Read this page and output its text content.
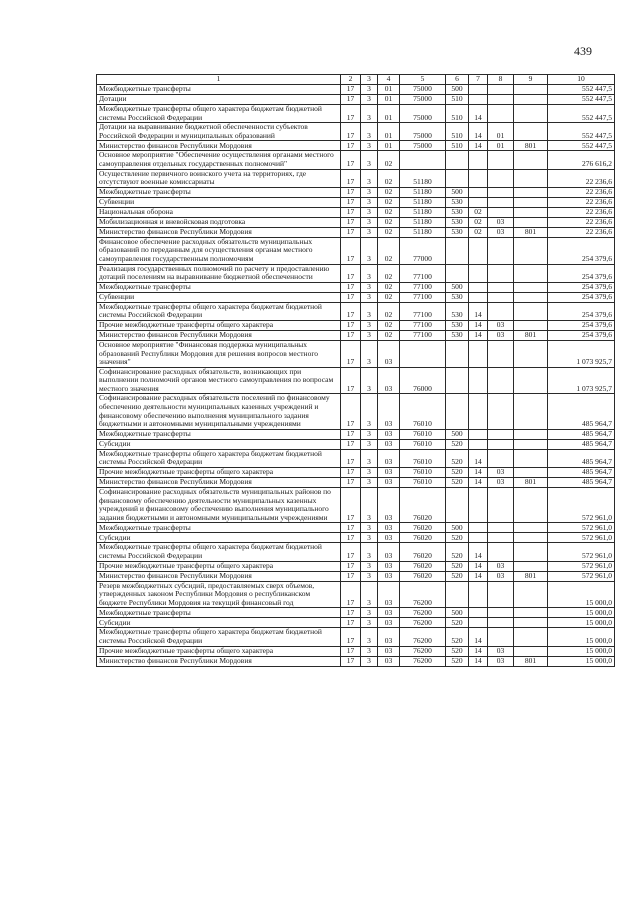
439
1	2	3	4	5	6	7	8	9	10
Межбюджетные трансферты	17	3	01	75000	500				552 447,5
Дотации	17	3	01	75000	510				552 447,5
Межбюджетные трансферты общего характера бюджетам бюджетной системы Российской Федерации	17	3	01	75000	510	14			552 447,5
Дотации на выравнивание бюджетной обеспеченности субъектов Российской Федерации и муниципальных образований	17	3	01	75000	510	14	01		552 447,5
Министерство финансов Республики Мордовия	17	3	01	75000	510	14	01	801	552 447,5
Основное мероприятие "Обеспечение осуществления органами местного самоуправления отдельных государственных полномочий"	17	3	02						276 616,2
Осуществление первичного воинского учета на территориях, где отсутствуют военные комиссариаты	17	3	02	51180					22 236,6
Межбюджетные трансферты	17	3	02	51180	500				22 236,6
Субвенции	17	3	02	51180	530				22 236,6
Национальная оборона	17	3	02	51180	530	02			22 236,6
Мобилизационная и вневойсковая подготовка	17	3	02	51180	530	02	03		22 236,6
Министерство финансов Республики Мордовия	17	3	02	51180	530	02	03	801	22 236,6
Финансовое обеспечение расходных обязательств муниципальных образований по переданным для осуществления органам местного самоуправления государственным полномочиям	17	3	02	77000					254 379,6
Реализация государственных полномочий по расчету и предоставлению дотаций поселениям на выравнивание бюджетной обеспеченности	17	3	02	77100					254 379,6
Межбюджетные трансферты	17	3	02	77100	500				254 379,6
Субвенции	17	3	02	77100	530				254 379,6
Межбюджетные трансферты общего характера бюджетам бюджетной системы Российской Федерации	17	3	02	77100	530	14			254 379,6
Прочие межбюджетные трансферты общего характера	17	3	02	77100	530	14	03		254 379,6
Министерство финансов Республики Мордовия	17	3	02	77100	530	14	03	801	254 379,6
Основное мероприятие "Финансовая поддержка муниципальных образований Республики Мордовия для решения вопросов местного значения"	17	3	03						1 073 925,7
Софинансирование расходных обязательств, возникающих при выполнении полномочий органов местного самоуправления по вопросам местного значения	17	3	03	76000					1 073 925,7
Софинансирование расходных обязательств поселений по финансовому обеспечению деятельности муниципальных казенных учреждений и финансовому обеспечению выполнения муниципального задания бюджетными и автономными муниципальными учреждениями	17	3	03	76010					485 964,7
Межбюджетные трансферты	17	3	03	76010	500				485 964,7
Субсидии	17	3	03	76010	520				485 964,7
Межбюджетные трансферты общего характера бюджетам бюджетной системы Российской Федерации	17	3	03	76010	520	14			485 964,7
Прочие межбюджетные трансферты общего характера	17	3	03	76010	520	14	03		485 964,7
Министерство финансов Республики Мордовия	17	3	03	76010	520	14	03	801	485 964,7
Софинансирование расходных обязательств муниципальных районов по финансовому обеспечению деятельности муниципальных казенных учреждений и финансовому обеспечению выполнения муниципального задания бюджетными и автономными муниципальными учреждениями	17	3	03	76020					572 961,0
Межбюджетные трансферты	17	3	03	76020	500				572 961,0
Субсидии	17	3	03	76020	520				572 961,0
Межбюджетные трансферты общего характера бюджетам бюджетной системы Российской Федерации	17	3	03	76020	520	14			572 961,0
Прочие межбюджетные трансферты общего характера	17	3	03	76020	520	14	03		572 961,0
Министерство финансов Республики Мордовия	17	3	03	76020	520	14	03	801	572 961,0
Резерв межбюджетных субсидий, предоставляемых сверх объемов, утвержденных законом Республики Мордовия о республиканском бюджете Республики Мордовия на текущий финансовый год	17	3	03	76200					15 000,0
Межбюджетные трансферты	17	3	03	76200	500				15 000,0
Субсидии	17	3	03	76200	520				15 000,0
Межбюджетные трансферты общего характера бюджетам бюджетной системы Российской Федерации	17	3	03	76200	520	14			15 000,0
Прочие межбюджетные трансферты общего характера	17	3	03	76200	520	14	03		15 000,0
Министерство финансов Республики Мордовия	17	3	03	76200	520	14	03	801	15 000,0
